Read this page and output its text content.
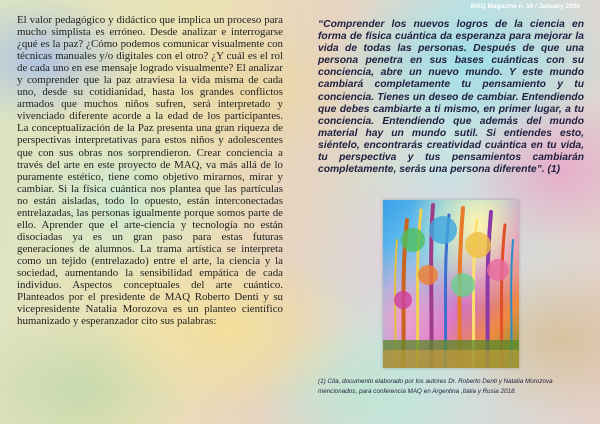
El valor pedagógico y didáctico que implica un proceso para mucho simplista es erróneo. Desde analizar e interrogarse ¿qué es la paz? ¿Cómo podemos comunicar visualmente con técnicas manuales y/o digitales con el otro? ¿Y cuál es el rol de cada uno en ese mensaje logrado visualmente? El analizar y comprender que la paz atraviesa la vida misma de cada uno, desde su cotidianidad, hasta los grandes conflictos armados que muchos niños sufren, será interpretado y vivenciado diferente acorde a la edad de los participantes. La conceptualización de la Paz presenta una gran riqueza de perspectivas interpretativas para estos niños y adolescentes que con sus obras nos sorprendieron. Crear conciencia a través del arte en este proyecto de MAQ, va más allá de lo puramente estético, tiene como objetivo mirarnos, mirar y cambiar. Si la física cuántica nos plantea que las partículas no están aisladas, todo lo opuesto, están interconectadas entrelazadas, las personas igualmente porque somos parte de ello. Aprender que el arte-ciencia y tecnología no están disociadas ya es un gran paso para estas futuras generaciones de alumnos. La trama artística se interpreta como un tejido (entrelazado) entre el arte, la ciencia y la sociedad, aumentando la sensibilidad empática de cada individuo. Aspectos conceptuales del arte cuántico. Planteados por el presidente de MAQ Roberto Denti y su vicepresidente Natalia Morozova es un planteo científico humanizado y esperanzador cito sus palabras:
MAQ Magazine n. 16 / January 2020
“Comprender los nuevos logros de la ciencia en forma de física cuántica da esperanza para mejorar la vida de todas las personas. Después de que una persona penetra en sus bases cuánticas con su conciencia, abre un nuevo mundo. Y este mundo cambiará completamente tu pensamiento y tu conciencia. Tienes un deseo de cambiar. Entendiendo que debes cambiarte a ti mismo, en primer lugar, a tu conciencia. Entendiendo que además del mundo material hay un mundo sutil. Si entiendes esto, siéntelo, encontrarás creatividad cuántica en tu vida, tu perspectiva y tus pensamientos cambiarán completamente, serás una persona diferente”. (1)
(1) Cita, documento elaborado por los autores Dr. Roberto Denti y Natalia Morozova mencionados, para conferencia MAQ en Argentina ,Italia y Rusia 2018.
